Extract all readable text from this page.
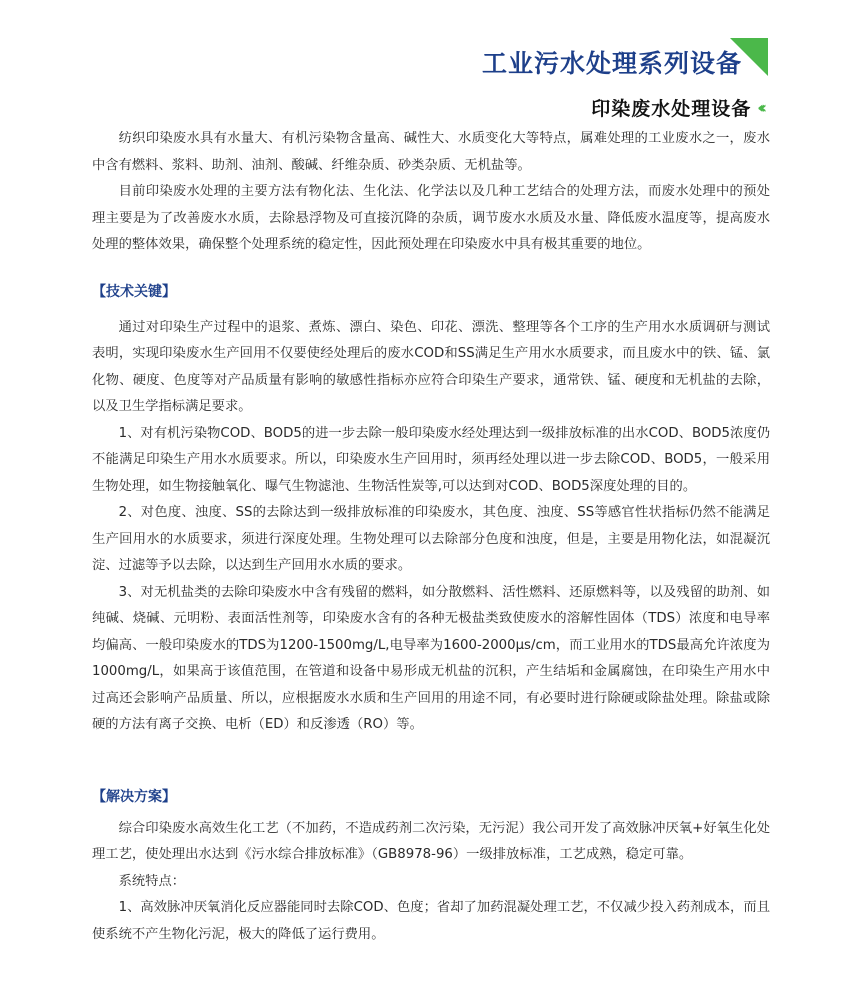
工业污水处理系列设备
印染废水处理设备 ‹‹‹

纺织印染废水具有水量大、有机污染物含量高、碱性大、水质变化大等特点，属难处理的工业废水之一，废水中含有燃料、浆料、助剂、油剂、酸碱、纤维杂质、砂类杂质、无机盐等。

目前印染废水处理的主要方法有物化法、生化法、化学法以及几种工艺结合的处理方法，而废水处理中的预处理主要是为了改善废水水质，去除悬浮物及可直接沉降的杂质，调节废水水质及水量、降低废水温度等，提高废水处理的整体效果，确保整个处理系统的稳定性，因此预处理在印染废水中具有极其重要的地位。

【技术关键】

通过对印染生产过程中的退浆、煮炼、漂白、染色、印花、漂洗、整理等各个工序的生产用水水质调研与测试表明，实现印染废水生产回用不仅要使经处理后的废水COD和SS满足生产用水水质要求，而且废水中的铁、锰、氯化物、硬度、色度等对产品质量有影响的敏感性指标亦应符合印染生产要求，通常铁、锰、硬度和无机盐的去除，以及卫生学指标满足要求。

1、对有机污染物COD、BOD5的进一步去除一般印染废水经处理达到一级排放标准的出水COD、BOD5浓度仍不能满足印染生产用水水质要求。所以，印染废水生产回用时，须再经处理以进一步去除COD、BOD5，一般采用生物处理，如生物接触氧化、曝气生物滤池、生物活性炭等,可以达到对COD、BOD5深度处理的目的。

2、对色度、浊度、SS的去除达到一级排放标准的印染废水，其色度、浊度、SS等感官性状指标仍然不能满足生产回用水的水质要求，须进行深度处理。生物处理可以去除部分色度和浊度，但是，主要是用物化法，如混凝沉淀、过滤等予以去除，以达到生产回用水水质的要求。

3、对无机盐类的去除印染废水中含有残留的燃料，如分散燃料、活性燃料、还原燃料等，以及残留的助剂、如纯碱、烧碱、元明粉、表面活性剂等，印染废水含有的各种无极盐类致使废水的溶解性固体（TDS）浓度和电导率均偏高、一般印染废水的TDS为1200-1500mg/L,电导率为1600-2000μs/cm，而工业用水的TDS最高允许浓度为1000mg/L，如果高于该值范围，在管道和设备中易形成无机盐的沉积，产生结垢和金属腐蚀，在印染生产用水中过高还会影响产品质量、所以，应根据废水水质和生产回用的用途不同，有必要时进行除硬或除盐处理。除盐或除硬的方法有离子交换、电析（ED）和反渗透（RO）等。

【解决方案】

综合印染废水高效生化工艺（不加药，不造成药剂二次污染，无污泥）我公司开发了高效脉冲厌氧+好氧生化处理工艺，使处理出水达到《污水综合排放标准》（GB8978-96）一级排放标准，工艺成熟，稳定可靠。

系统特点：

1、高效脉冲厌氧消化反应器能同时去除COD、色度；省却了加药混凝处理工艺，不仅减少投入药剂成本，而且使系统不产生物化污泥，极大的降低了运行费用。
